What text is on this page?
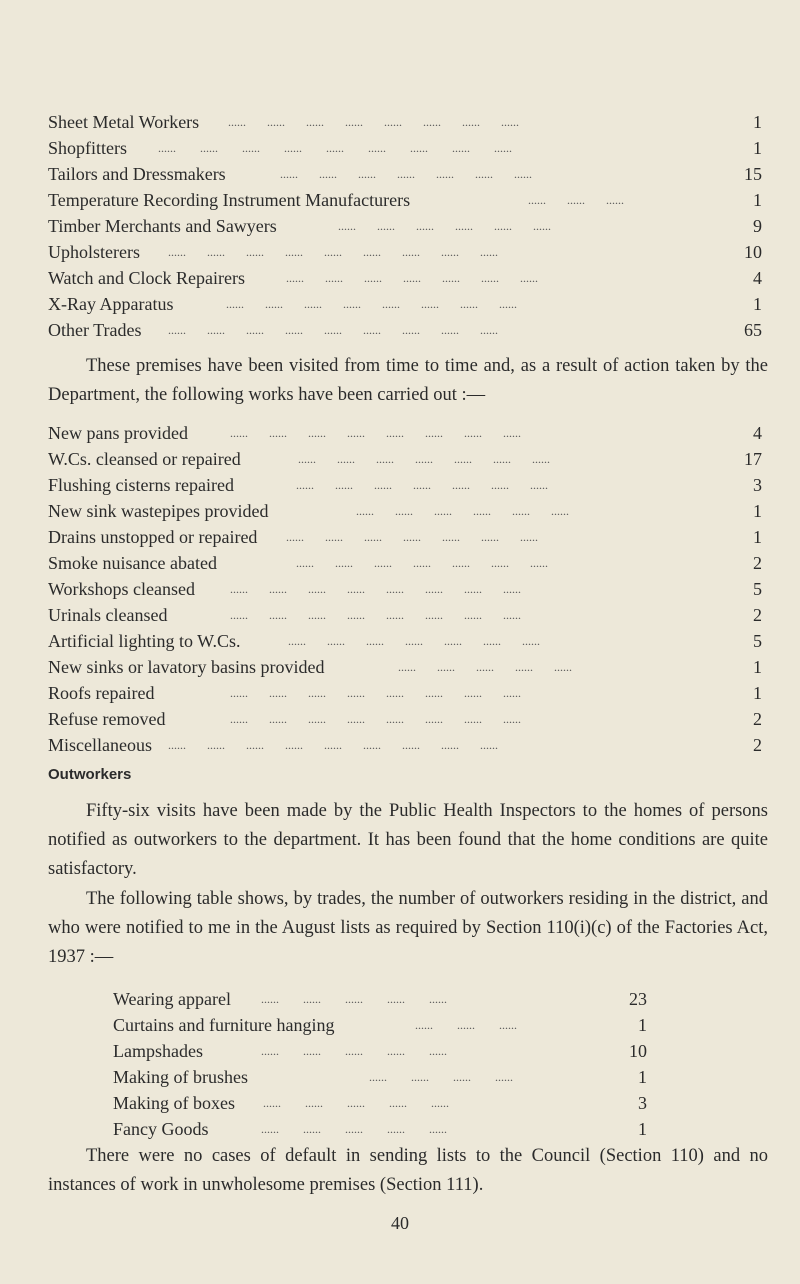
Sheet Metal Workers ......       ......       ......       ......       ......       ......       ......       ......	1
Shopfitters	......        ......        ......        ......        ......        ......        ......        ......        ......	1
Tailors and Dressmakers	......       ......       ......       ......       ......       ......       ......	15
Temperature Recording Instrument Manufacturers	......       ......       ......	1
Timber Merchants and Sawyers	......       ......       ......       ......       ......       ......	9
Upholsterers ......       ......       ......       ......       ......       ......       ......       ......       ......	10
Watch and Clock Repairers	......       ......       ......       ......       ......       ......       ......	4
X-Ray Apparatus	......       ......       ......       ......       ......       ......       ......       ......	1
Other Trades ......       ......       ......       ......       ......       ......       ......       ......       ......	65

These premises have been visited from time to time and, as a result of action taken by the Department, the following works have been carried out :—

New pans provided	......       ......       ......       ......       ......       ......       ......       ......	4
W.Cs. cleansed or repaired	......       ......       ......       ......       ......       ......       ......	17
Flushing cisterns repaired	......       ......       ......       ......       ......       ......       ......	3
New sink wastepipes provided	......       ......       ......       ......       ......       ......	1
Drains unstopped or repaired ......       ......       ......       ......       ......       ......       ......	1
Smoke nuisance abated	......       ......       ......       ......       ......       ......       ......	2
Workshops cleansed	......       ......       ......       ......       ......       ......       ......       ......	5
Urinals cleansed	......       ......       ......       ......       ......       ......       ......       ......	2
Artificial lighting to W.Cs.	......       ......       ......       ......       ......       ......       ......	5
New sinks or lavatory basins provided	......       ......       ......       ......       ......	1
Roofs repaired	......       ......       ......       ......       ......       ......       ......       ......	1
Refuse removed	......       ......       ......       ......       ......       ......       ......       ......	2
Miscellaneous ......       ......       ......       ......       ......       ......       ......       ......       ......	2
Outworkers

Fifty-six visits have been made by the Public Health Inspectors to the homes of persons notified as outworkers to the department. It has been found that the home conditions are quite satisfactory.

The following table shows, by trades, the number of outworkers residing in the district, and who were notified to me in the August lists as required by Section 110(i)(c) of the Factories Act, 1937 :—

Wearing apparel	......        ......        ......        ......        ......	23
Curtains and furniture hanging	......        ......        ......	1
Lampshades	......        ......        ......        ......        ......	10
Making of brushes	......        ......        ......        ......	1
Making of boxes ......        ......        ......        ......        ......	3
Fancy Goods	......        ......        ......        ......        ......	1

There were no cases of default in sending lists to the Council (Section 110) and no instances of work in unwholesome premises (Section 111).

40
